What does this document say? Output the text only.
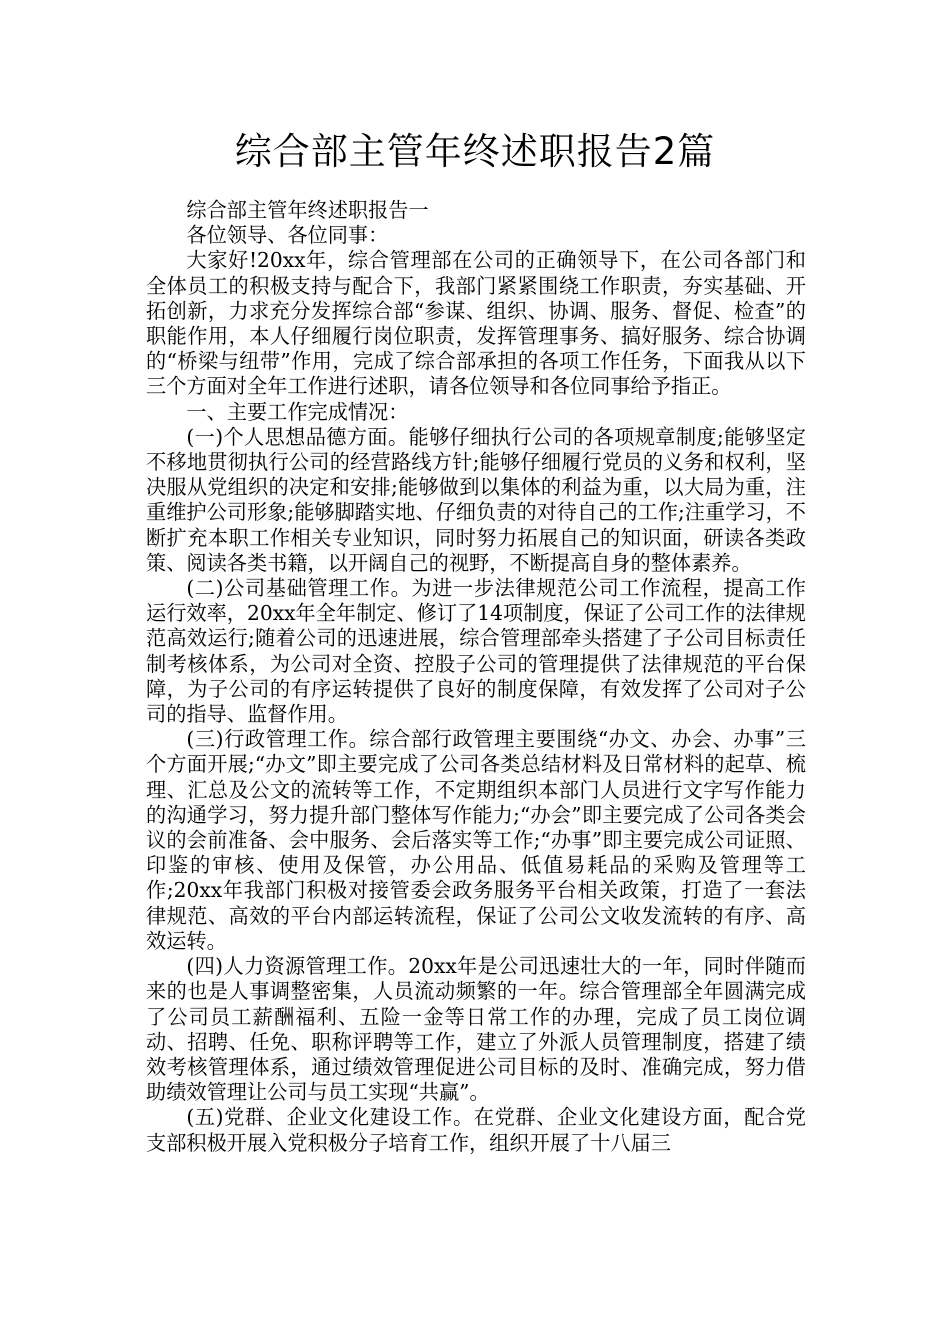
综合部主管年终述职报告2篇

综合部主管年终述职报告一

各位领导、各位同事：

大家好!20xx年，综合管理部在公司的正确领导下，在公司各部门和全体员工的积极支持与配合下，我部门紧紧围绕工作职责，夯实基础、开拓创新，力求充分发挥综合部“参谋、组织、协调、服务、督促、检查”的职能作用，本人仔细履行岗位职责，发挥管理事务、搞好服务、综合协调的“桥梁与纽带”作用，完成了综合部承担的各项工作任务，下面我从以下三个方面对全年工作进行述职，请各位领导和各位同事给予指正。

一、主要工作完成情况：

(一)个人思想品德方面。能够仔细执行公司的各项规章制度;能够坚定不移地贯彻执行公司的经营路线方针;能够仔细履行党员的义务和权利，坚决服从党组织的决定和安排;能够做到以集体的利益为重，以大局为重，注重维护公司形象;能够脚踏实地、仔细负责的对待自己的工作;注重学习，不断扩充本职工作相关专业知识，同时努力拓展自己的知识面，研读各类政策、阅读各类书籍，以开阔自己的视野，不断提高自身的整体素养。

(二)公司基础管理工作。为进一步法律规范公司工作流程，提高工作运行效率，20xx年全年制定、修订了14项制度，保证了公司工作的法律规范高效运行;随着公司的迅速进展，综合管理部牵头搭建了子公司目标责任制考核体系，为公司对全资、控股子公司的管理提供了法律规范的平台保障，为子公司的有序运转提供了良好的制度保障，有效发挥了公司对子公司的指导、监督作用。

(三)行政管理工作。综合部行政管理主要围绕“办文、办会、办事”三个方面开展;“办文”即主要完成了公司各类总结材料及日常材料的起草、梳理、汇总及公文的流转等工作，不定期组织本部门人员进行文字写作能力的沟通学习，努力提升部门整体写作能力;“办会”即主要完成了公司各类会议的会前准备、会中服务、会后落实等工作;“办事”即主要完成公司证照、印鉴的审核、使用及保管，办公用品、低值易耗品的采购及管理等工作;20xx年我部门积极对接管委会政务服务平台相关政策，打造了一套法律规范、高效的平台内部运转流程，保证了公司公文收发流转的有序、高效运转。

(四)人力资源管理工作。20xx年是公司迅速壮大的一年，同时伴随而来的也是人事调整密集，人员流动频繁的一年。综合管理部全年圆满完成了公司员工薪酬福利、五险一金等日常工作的办理，完成了员工岗位调动、招聘、任免、职称评聘等工作，建立了外派人员管理制度，搭建了绩效考核管理体系，通过绩效管理促进公司目标的及时、准确完成，努力借助绩效管理让公司与员工实现“共赢”。

(五)党群、企业文化建设工作。在党群、企业文化建设方面，配合党支部积极开展入党积极分子培育工作，组织开展了十八届三
